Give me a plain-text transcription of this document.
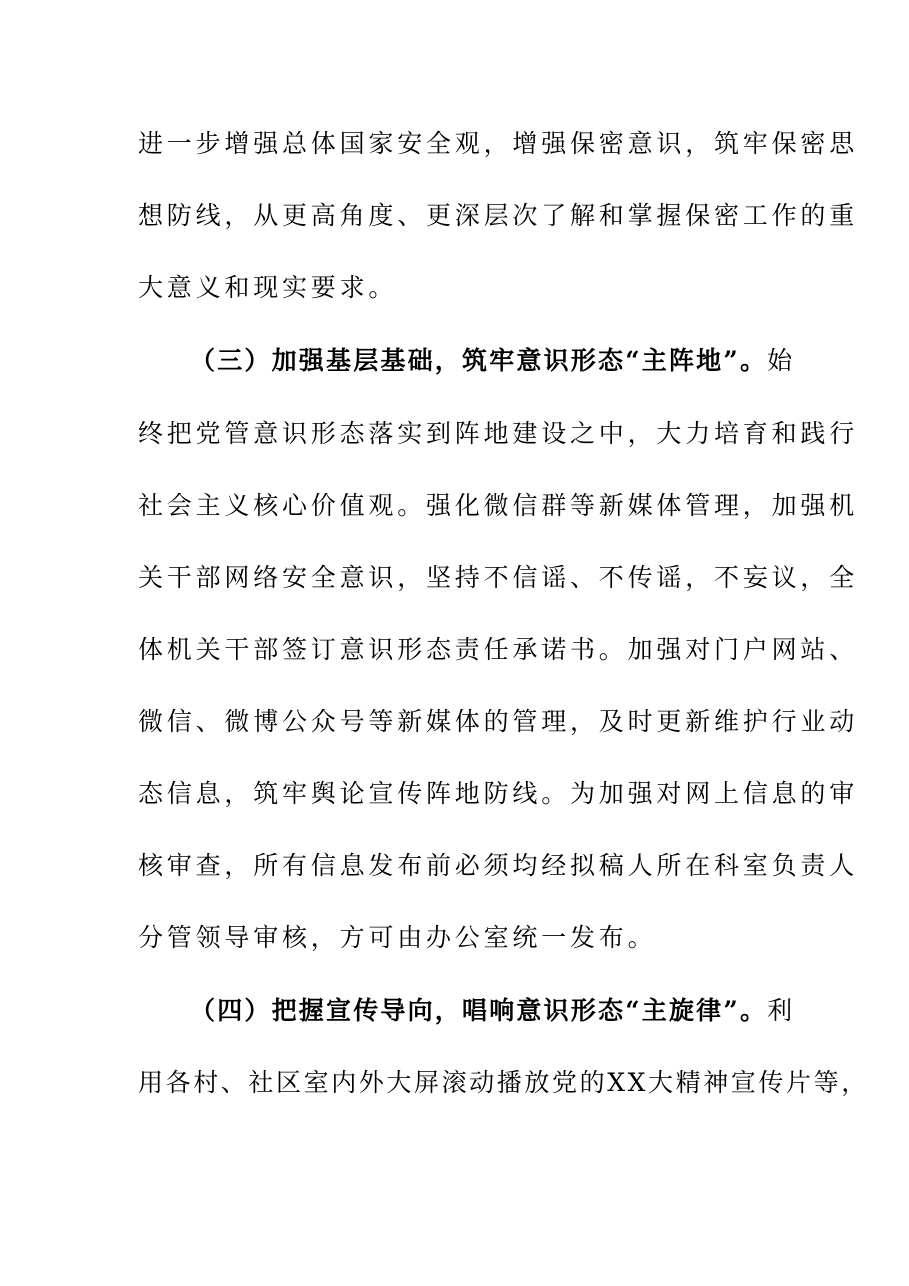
进一步增强总体国家安全观，增强保密意识，筑牢保密思
想防线，从更高角度、更深层次了解和掌握保密工作的重
大意义和现实要求。
（三）加强基层基础，筑牢意识形态“主阵地”。始
终把党管意识形态落实到阵地建设之中，大力培育和践行
社会主义核心价值观。强化微信群等新媒体管理，加强机
关干部网络安全意识，坚持不信谣、不传谣，不妄议，全
体机关干部签订意识形态责任承诺书。加强对门户网站、
微信、微博公众号等新媒体的管理，及时更新维护行业动
态信息，筑牢舆论宣传阵地防线。为加强对网上信息的审
核审查，所有信息发布前必须均经拟稿人所在科室负责人
分管领导审核，方可由办公室统一发布。
（四）把握宣传导向，唱响意识形态“主旋律”。利
用各村、社区室内外大屏滚动播放党的XX大精神宣传片等，
